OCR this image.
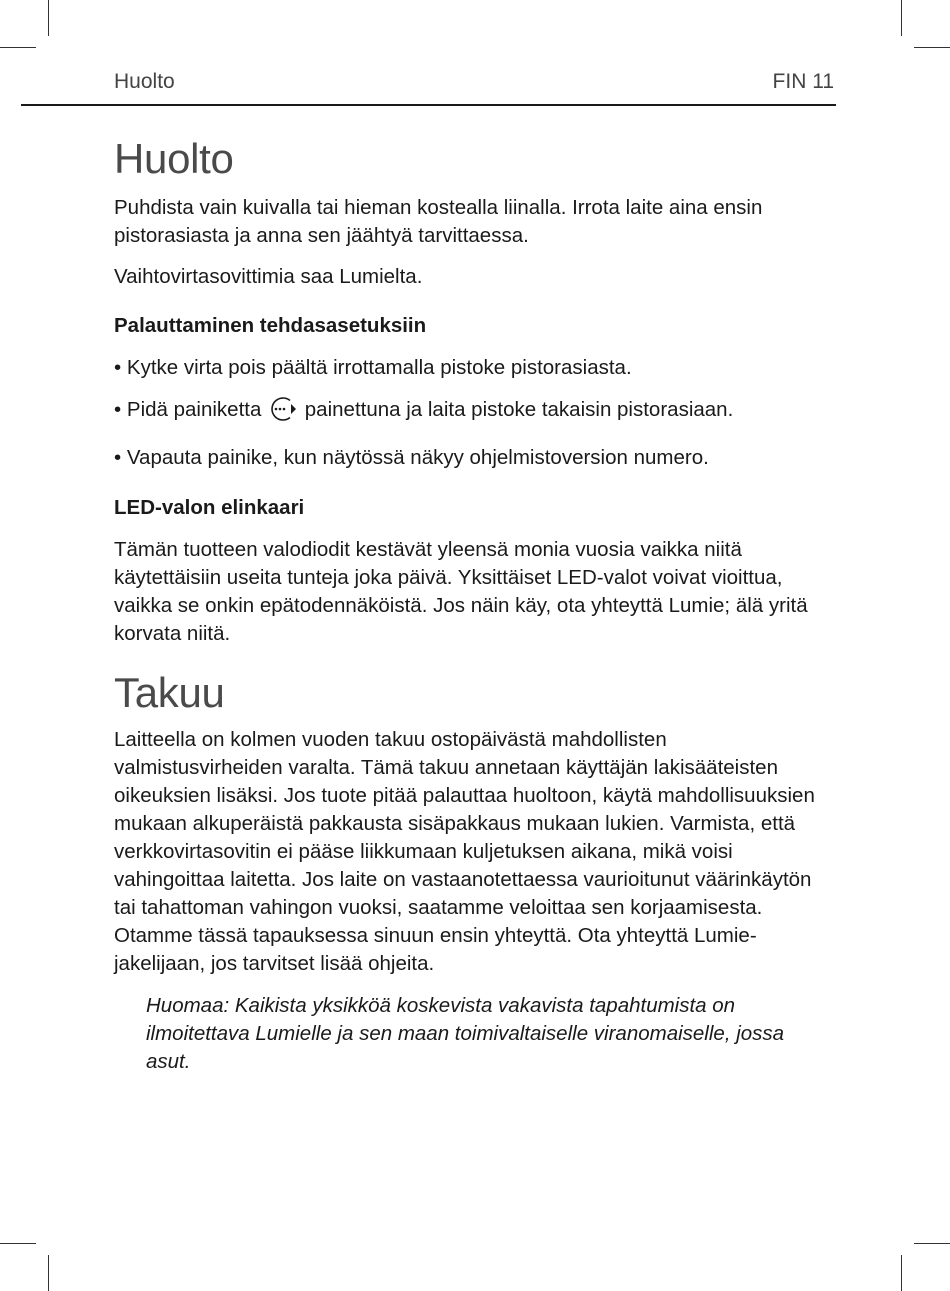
Huolto	FIN 11
Huolto

Puhdista vain kuivalla tai hieman kostealla liinalla. Irrota laite aina ensin pistorasiasta ja anna sen jäähtyä tarvittaessa.

Vaihtovirtasovittimia saa Lumielta.

Palauttaminen tehdasasetuksiin
• Kytke virta pois päältä irrottamalla pistoke pistorasiasta.
• Pidä painiketta painettuna ja laita pistoke takaisin pistorasiaan.
• Vapauta painike, kun näytössä näkyy ohjelmistoversion numero.
LED-valon elinkaari

Tämän tuotteen valodiodit kestävät yleensä monia vuosia vaikka niitä käytettäisiin useita tunteja joka päivä. Yksittäiset LED-valot voivat vioittua, vaikka se onkin epätodennäköistä. Jos näin käy, ota yhteyttä Lumie; älä yritä korvata niitä.

Takuu

Laitteella on kolmen vuoden takuu ostopäivästä mahdollisten valmistusvirheiden varalta. Tämä takuu annetaan käyttäjän lakisääteisten oikeuksien lisäksi. Jos tuote pitää palauttaa huoltoon, käytä mahdollisuuksien mukaan alkuperäistä pakkausta sisäpakkaus mukaan lukien. Varmista, että verkkovirtasovitin ei pääse liikkumaan kuljetuksen aikana, mikä voisi vahingoittaa laitetta. Jos laite on vastaanotettaessa vaurioitunut väärinkäytön tai tahattoman vahingon vuoksi, saatamme veloittaa sen korjaamisesta. Otamme tässä tapauksessa sinuun ensin yhteyttä. Ota yhteyttä Lumie-jakelijaan, jos tarvitset lisää ohjeita.

Huomaa: Kaikista yksikköä koskevista vakavista tapahtumista on ilmoitettava Lumielle ja sen maan toimivaltaiselle viranomaiselle, jossa asut.
